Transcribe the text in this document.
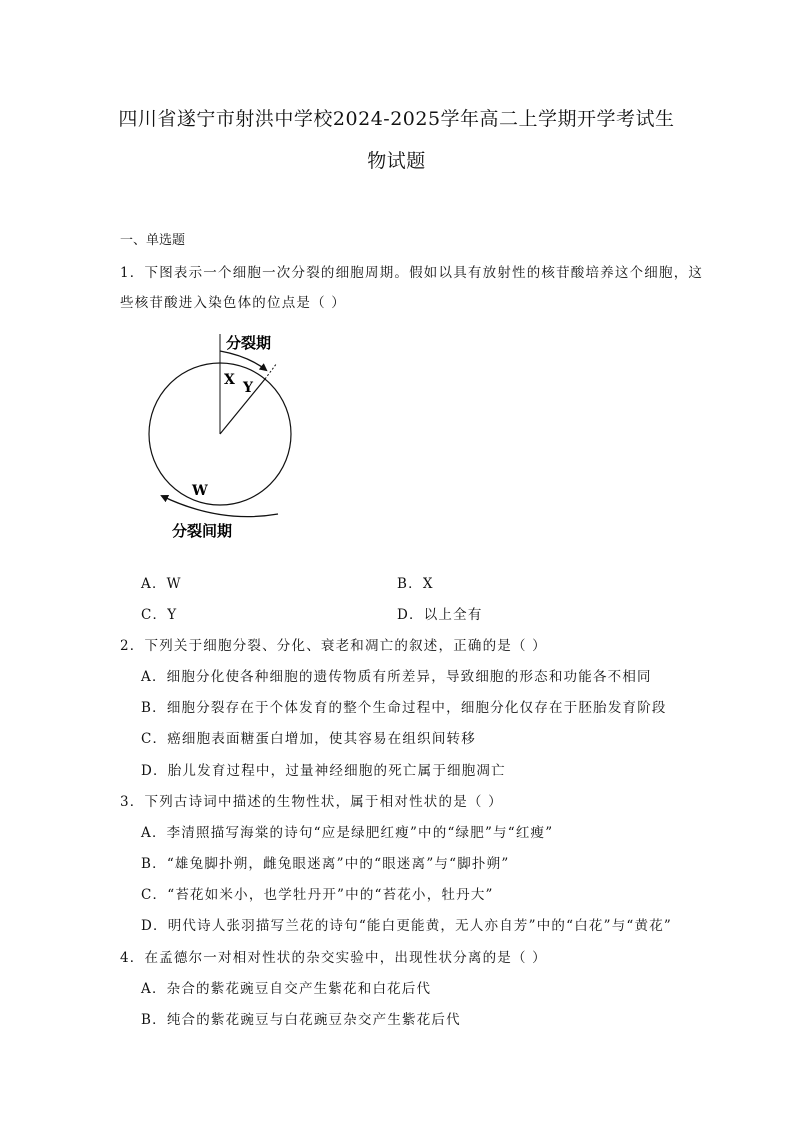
四川省遂宁市射洪中学校2024-2025学年高二上学期开学考试生
物试题
一、单选题
1．下图表示一个细胞一次分裂的细胞周期。假如以具有放射性的核苷酸培养这个细胞，这
些核苷酸进入染色体的位点是（ ）
分裂期
X Y
W
分裂间期
A．W	B．X
C．Y	D．以上全有
2．下列关于细胞分裂、分化、衰老和凋亡的叙述，正确的是（ ）
A．细胞分化使各种细胞的遗传物质有所差异，导致细胞的形态和功能各不相同
B．细胞分裂存在于个体发育的整个生命过程中，细胞分化仅存在于胚胎发育阶段
C．癌细胞表面糖蛋白增加，使其容易在组织间转移
D．胎儿发育过程中，过量神经细胞的死亡属于细胞凋亡
3．下列古诗词中描述的生物性状，属于相对性状的是（ ）
A．李清照描写海棠的诗句“应是绿肥红瘦”中的“绿肥”与“红瘦”
B．“雄兔脚扑朔，雌兔眼迷离”中的“眼迷离”与“脚扑朔”
C．“苔花如米小，也学牡丹开”中的“苔花小，牡丹大”
D．明代诗人张羽描写兰花的诗句“能白更能黄，无人亦自芳”中的“白花”与“黄花”
4．在孟德尔一对相对性状的杂交实验中，出现性状分离的是（ ）
A．杂合的紫花豌豆自交产生紫花和白花后代
B．纯合的紫花豌豆与白花豌豆杂交产生紫花后代
